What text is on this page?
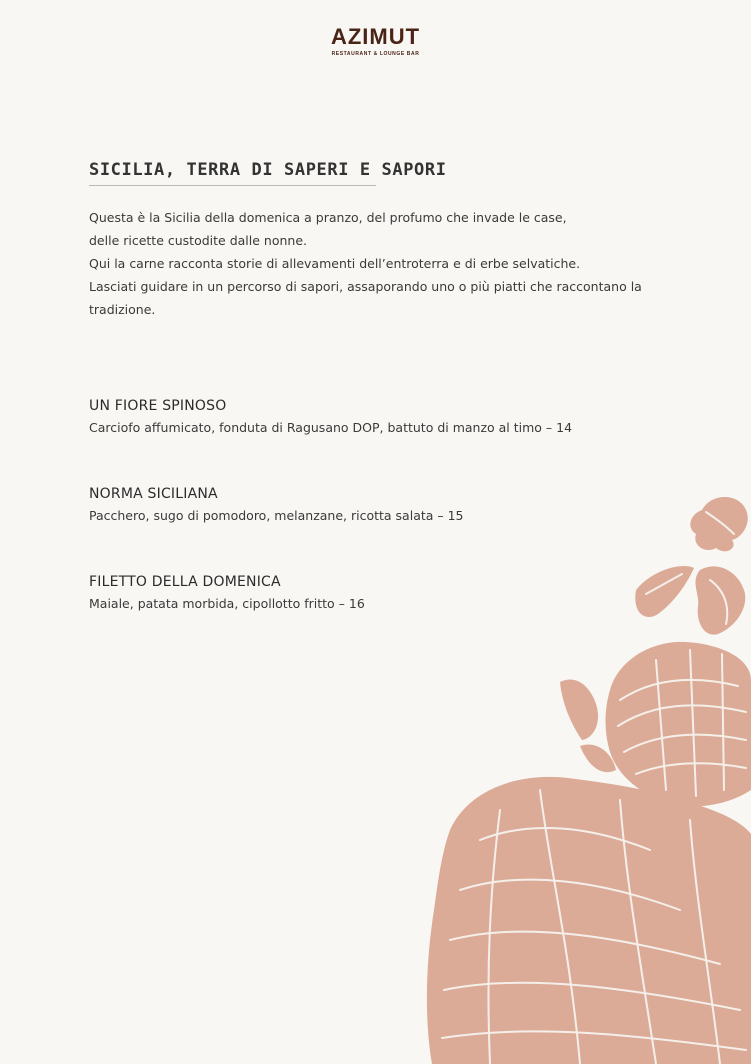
AZIMUT
RESTAURANT & LOUNGE BAR
SICILIA, TERRA DI SAPERI E SAPORI

Questa è la Sicilia della domenica a pranzo, del profumo che invade le case,

delle ricette custodite dalle nonne.

Qui la carne racconta storie di allevamenti dell’entroterra e di erbe selvatiche.

Lasciati guidare in un percorso di sapori, assaporando uno o più piatti che raccontano la tradizione.

UN FIORE SPINOSO
Carciofo affumicato, fonduta di Ragusano DOP, battuto di manzo al timo – 14
NORMA SICILIANA
Pacchero, sugo di pomodoro, melanzane, ricotta salata – 15
FILETTO DELLA DOMENICA
Maiale, patata morbida, cipollotto fritto – 16
